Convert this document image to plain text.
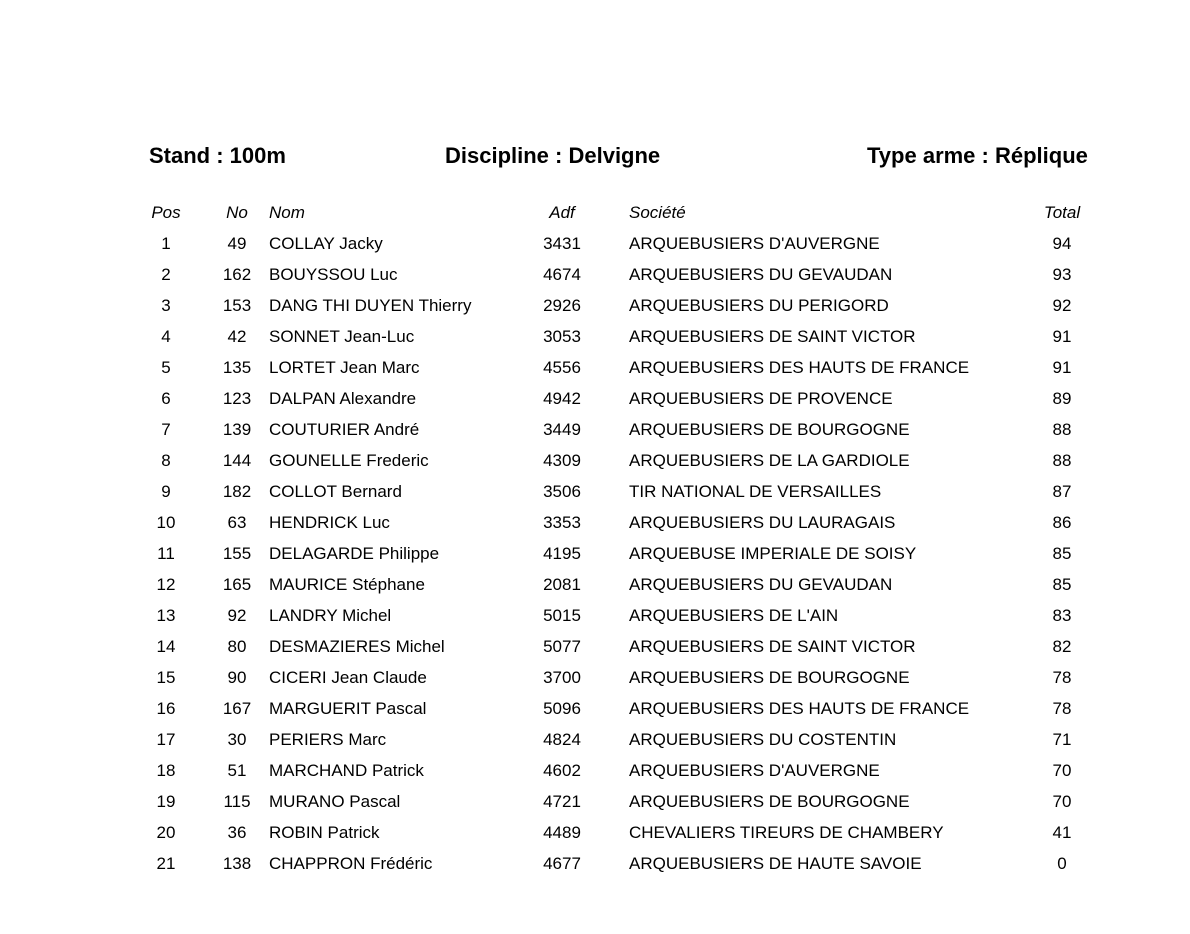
Stand : 100m	Discipline : Delvigne	Type arme : Réplique
Pos	No	Nom	Adf	Société	Total
1	49	COLLAY Jacky	3431	ARQUEBUSIERS D'AUVERGNE	94
2	162	BOUYSSOU Luc	4674	ARQUEBUSIERS DU GEVAUDAN	93
3	153	DANG THI DUYEN Thierry	2926	ARQUEBUSIERS DU PERIGORD	92
4	42	SONNET Jean-Luc	3053	ARQUEBUSIERS DE SAINT VICTOR	91
5	135	LORTET Jean Marc	4556	ARQUEBUSIERS DES HAUTS DE FRANCE	91
6	123	DALPAN Alexandre	4942	ARQUEBUSIERS DE PROVENCE	89
7	139	COUTURIER André	3449	ARQUEBUSIERS DE BOURGOGNE	88
8	144	GOUNELLE Frederic	4309	ARQUEBUSIERS DE LA GARDIOLE	88
9	182	COLLOT Bernard	3506	TIR NATIONAL DE VERSAILLES	87
10	63	HENDRICK Luc	3353	ARQUEBUSIERS DU LAURAGAIS	86
11	155	DELAGARDE Philippe	4195	ARQUEBUSE IMPERIALE DE SOISY	85
12	165	MAURICE Stéphane	2081	ARQUEBUSIERS DU GEVAUDAN	85
13	92	LANDRY Michel	5015	ARQUEBUSIERS DE L'AIN	83
14	80	DESMAZIERES Michel	5077	ARQUEBUSIERS DE SAINT VICTOR	82
15	90	CICERI Jean Claude	3700	ARQUEBUSIERS DE BOURGOGNE	78
16	167	MARGUERIT Pascal	5096	ARQUEBUSIERS DES HAUTS DE FRANCE	78
17	30	PERIERS Marc	4824	ARQUEBUSIERS DU COSTENTIN	71
18	51	MARCHAND Patrick	4602	ARQUEBUSIERS D'AUVERGNE	70
19	115	MURANO Pascal	4721	ARQUEBUSIERS DE BOURGOGNE	70
20	36	ROBIN Patrick	4489	CHEVALIERS TIREURS DE CHAMBERY	41
21	138	CHAPPRON Frédéric	4677	ARQUEBUSIERS DE HAUTE SAVOIE	0
